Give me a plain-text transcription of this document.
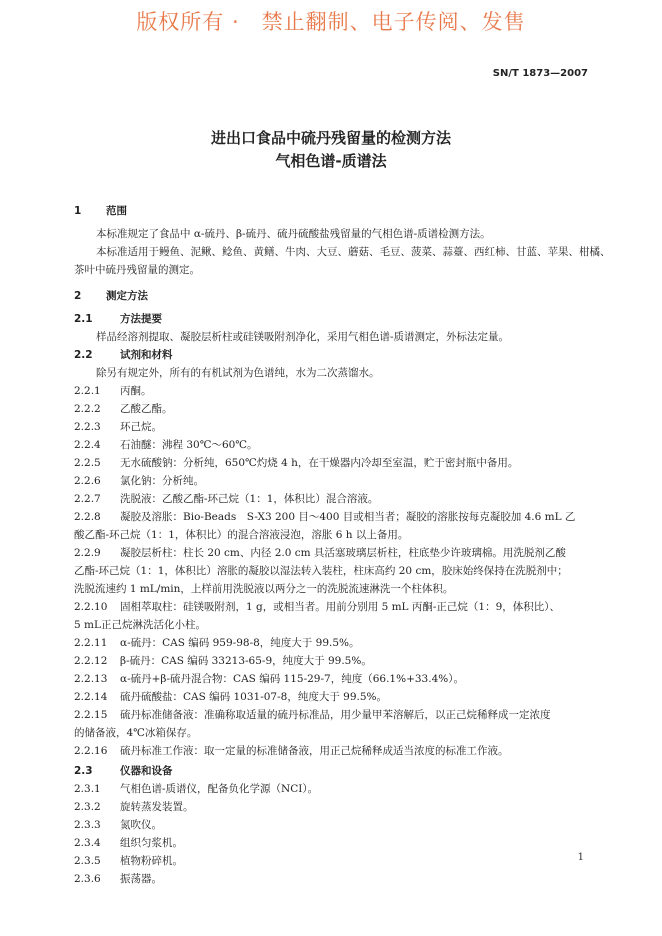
版权所有 ·　禁止翻制、电子传阅、发售
SN/T 1873—2007
进出口食品中硫丹残留量的检测方法
气相色谱-质谱法
1 范围
本标准规定了食品中 α-硫丹、β-硫丹、硫丹硫酸盐残留量的气相色谱-质谱检测方法。
本标准适用于鳗鱼、泥鳅、鲶鱼、黄鳝、牛肉、大豆、蘑菇、毛豆、菠菜、蒜薹、西红柿、甘蓝、苹果、柑橘、
茶叶中硫丹残留量的测定。
2 测定方法
2.1	方法提要
样品经溶剂提取、凝胶层析柱或硅镁吸附剂净化，采用气相色谱-质谱测定，外标法定量。
2.2	试剂和材料
除另有规定外，所有的有机试剂为色谱纯，水为二次蒸馏水。
2.2.1 丙酮。
2.2.2 乙酸乙酯。
2.2.3 环己烷。
2.2.4 石油醚：沸程 30℃～60℃。
2.2.5 无水硫酸钠：分析纯，650℃灼烧 4 h，在干燥器内冷却至室温，贮于密封瓶中备用。
2.2.6 氯化钠：分析纯。
2.2.7 洗脱液：乙酸乙酯-环己烷（1：1，体积比）混合溶液。
2.2.8 凝胶及溶胀：Bio-Beads　S-X3 200 目～400 目或相当者；凝胶的溶胀按每克凝胶加 4.6 mL 乙
酸乙酯-环己烷（1：1，体积比）的混合溶液浸泡，溶胀 6 h 以上备用。
2.2.9 凝胶层析柱：柱长 20 cm、内径 2.0 cm 具活塞玻璃层析柱，柱底垫少许玻璃棉。用洗脱剂乙酸
乙酯-环己烷（1：1，体积比）溶胀的凝胶以湿法转入装柱，柱床高约 20 cm，胶床始终保持在洗脱剂中；
洗脱流速约 1 mL/min，上样前用洗脱液以两分之一的洗脱流速淋洗一个柱体积。
2.2.10 固相萃取柱：硅镁吸附剂，1 g，或相当者。用前分别用 5 mL 丙酮-正己烷（1：9，体积比）、
5 mL正己烷淋洗活化小柱。
2.2.11 α-硫丹：CAS 编码 959-98-8，纯度大于 99.5%。
2.2.12 β-硫丹：CAS 编码 33213-65-9，纯度大于 99.5%。
2.2.13 α-硫丹+β-硫丹混合物：CAS 编码 115-29-7，纯度（66.1%+33.4%）。
2.2.14 硫丹硫酸盐：CAS 编码 1031-07-8，纯度大于 99.5%。
2.2.15 硫丹标准储备液：准确称取适量的硫丹标准品，用少量甲苯溶解后，以正己烷稀释成一定浓度
的储备液，4℃冰箱保存。
2.2.16 硫丹标准工作液：取一定量的标准储备液，用正己烷稀释成适当浓度的标准工作液。
2.3	仪器和设备
2.3.1 气相色谱-质谱仪，配备负化学源（NCI）。
2.3.2 旋转蒸发装置。
2.3.3 氮吹仪。
2.3.4 组织匀浆机。
2.3.5 植物粉碎机。
2.3.6 振荡器。
1
